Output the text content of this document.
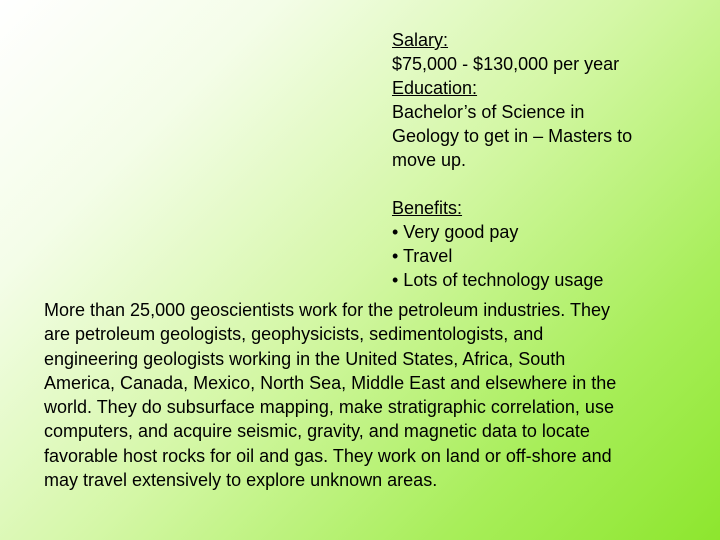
Salary:
$75,000 - $130,000 per year
Education:
Bachelor’s of Science in
Geology to get in – Masters to
move up.
Benefits:
• Very good pay
• Travel
• Lots of technology usage
More than 25,000 geoscientists work for the petroleum industries. They
are petroleum geologists, geophysicists, sedimentologists, and
engineering geologists working in the United States, Africa, South
America, Canada, Mexico, North Sea, Middle East and elsewhere in the
world. They do subsurface mapping, make stratigraphic correlation, use
computers, and acquire seismic, gravity, and magnetic data to locate
favorable host rocks for oil and gas. They work on land or off-shore and
may travel extensively to explore unknown areas.
